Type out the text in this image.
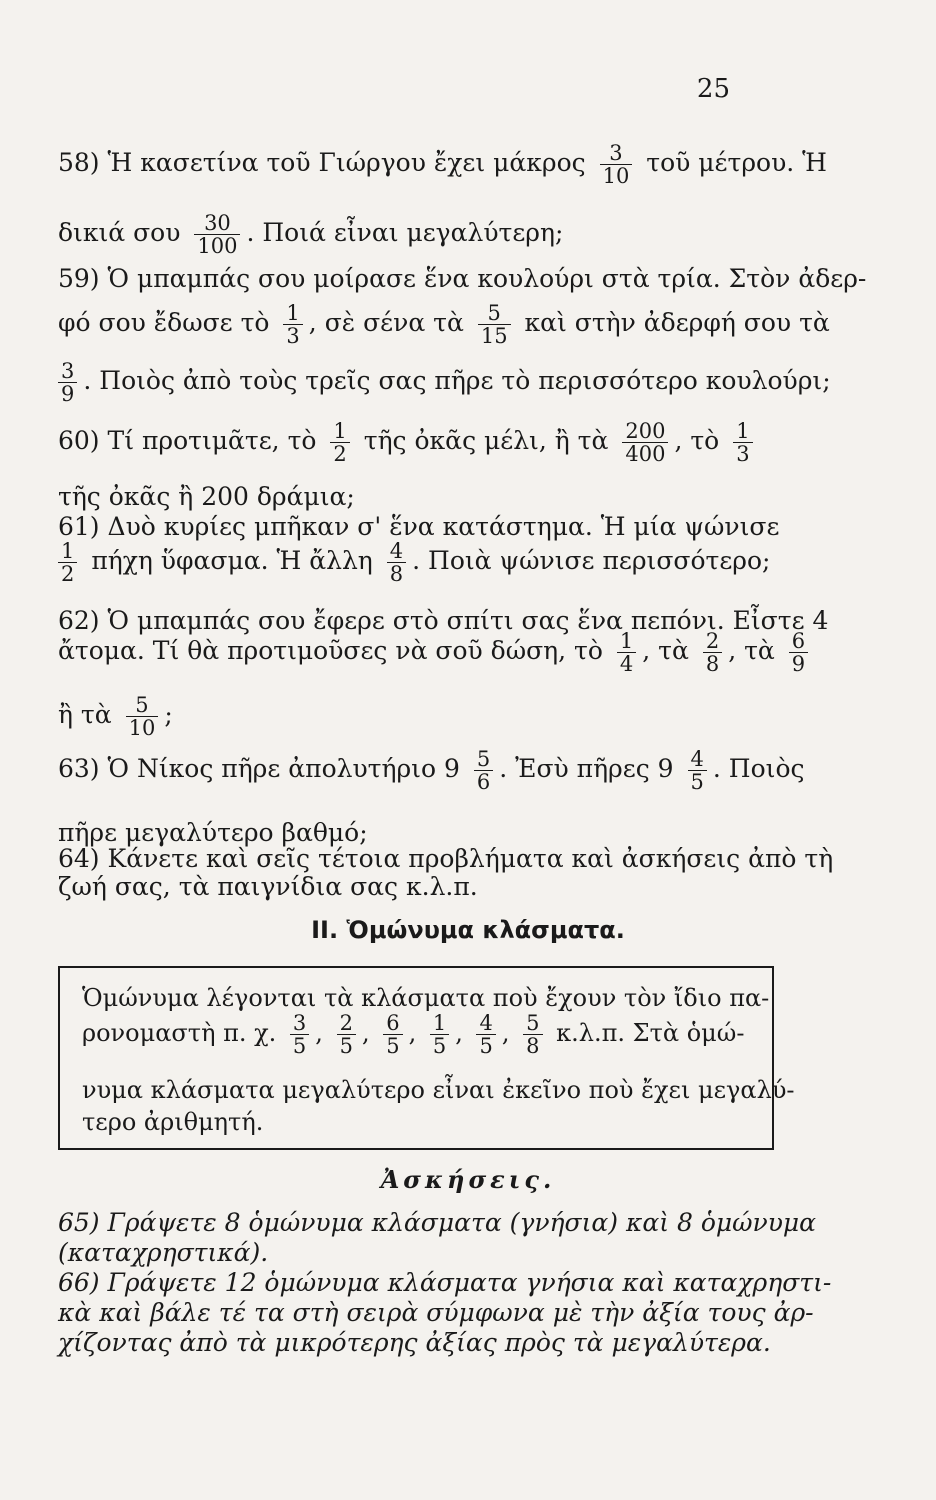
25
58) Ἡ κασετίνα τοῦ Γιώργου ἔχει μάκρος $\frac{3}{10}$ τοῦ μέτρου. Ἡ
δικιά σου $\frac{30}{100}$ . Ποιά εἶναι μεγαλύτερη;
59) Ὁ μπαμπάς σου μοίρασε ἕνα κουλούρι στὰ τρία. Στὸν ἀδερ-
φό σου ἔδωσε τὸ $\frac{1}{3}$ , σὲ σένα τὰ $\frac{5}{15}$ καὶ στὴν ἀδερφή σου τὰ
$\frac{3}{9}$ . Ποιὸς ἀπὸ τοὺς τρεῖς σας πῆρε τὸ περισσότερο κουλούρι;
60) Τί προτιμᾶτε, τὸ $\frac{1}{2}$ τῆς ὀκᾶς μέλι, ἢ τὰ $\frac{200}{400}$ , τὸ $\frac{1}{3}$
τῆς ὀκᾶς ἢ 200 δράμια;
61) Δυὸ κυρίες μπῆκαν σ' ἕνα κατάστημα. Ἡ μία ψώνισε
$\frac{1}{2}$ πήχη ὕφασμα. Ἡ ἄλλη $\frac{4}{8}$ . Ποιὰ ψώνισε περισσότερο;
62) Ὁ μπαμπάς σου ἔφερε στὸ σπίτι σας ἕνα πεπόνι. Εἶστε 4
ἄτομα. Τί θὰ προτιμοῦσες νὰ σοῦ δώση, τὸ $\frac{1}{4}$ , τὰ $\frac{2}{8}$ , τὰ $\frac{6}{9}$
ἢ τὰ $\frac{5}{10}$ ;
63) Ὁ Νίκος πῆρε ἀπολυτήριο $9 \frac{5}{6}$ . Ἐσὺ πῆρες $9 \frac{4}{5}$ . Ποιὸς
πῆρε μεγαλύτερο βαθμό;
64) Κάνετε καὶ σεῖς τέτοια προβλήματα καὶ ἀσκήσεις ἀπὸ τὴ
ζωή σας, τὰ παιγνίδια σας κ.λ.π.
II. Ὁμώνυμα κλάσματα.
Ὁμώνυμα λέγονται τὰ κλάσματα ποὺ ἔχουν τὸν ἴδιο πα-
ρονομαστὴ π. χ. $\frac{3}{5}$ , $\frac{2}{5}$ , $\frac{6}{5}$ , $\frac{1}{5}$ , $\frac{4}{5}$ , $\frac{5}{8} \kappa.\lambda.\pi$. Στὰ ὁμώ-
νυμα κλάσματα μεγαλύτερο εἶναι ἐκεῖνο ποὺ ἔχει μεγαλύ-
τερο ἀριθμητή.
Ἀσκήσεις.
65) Γράψετε 8 ὁμώνυμα κλάσματα (γνήσια) καὶ 8 ὁμώνυμα
(καταχρηστικά).
66) Γράψετε 12 ὁμώνυμα κλάσματα γνήσια καὶ καταχρηστι-
κὰ καὶ βάλε τέ τα στὴ σειρὰ σύμφωνα μὲ τὴν ἀξία τους ἀρ-
χίζοντας ἀπὸ τὰ μικρότερης ἀξίας πρὸς τὰ μεγαλύτερα.
